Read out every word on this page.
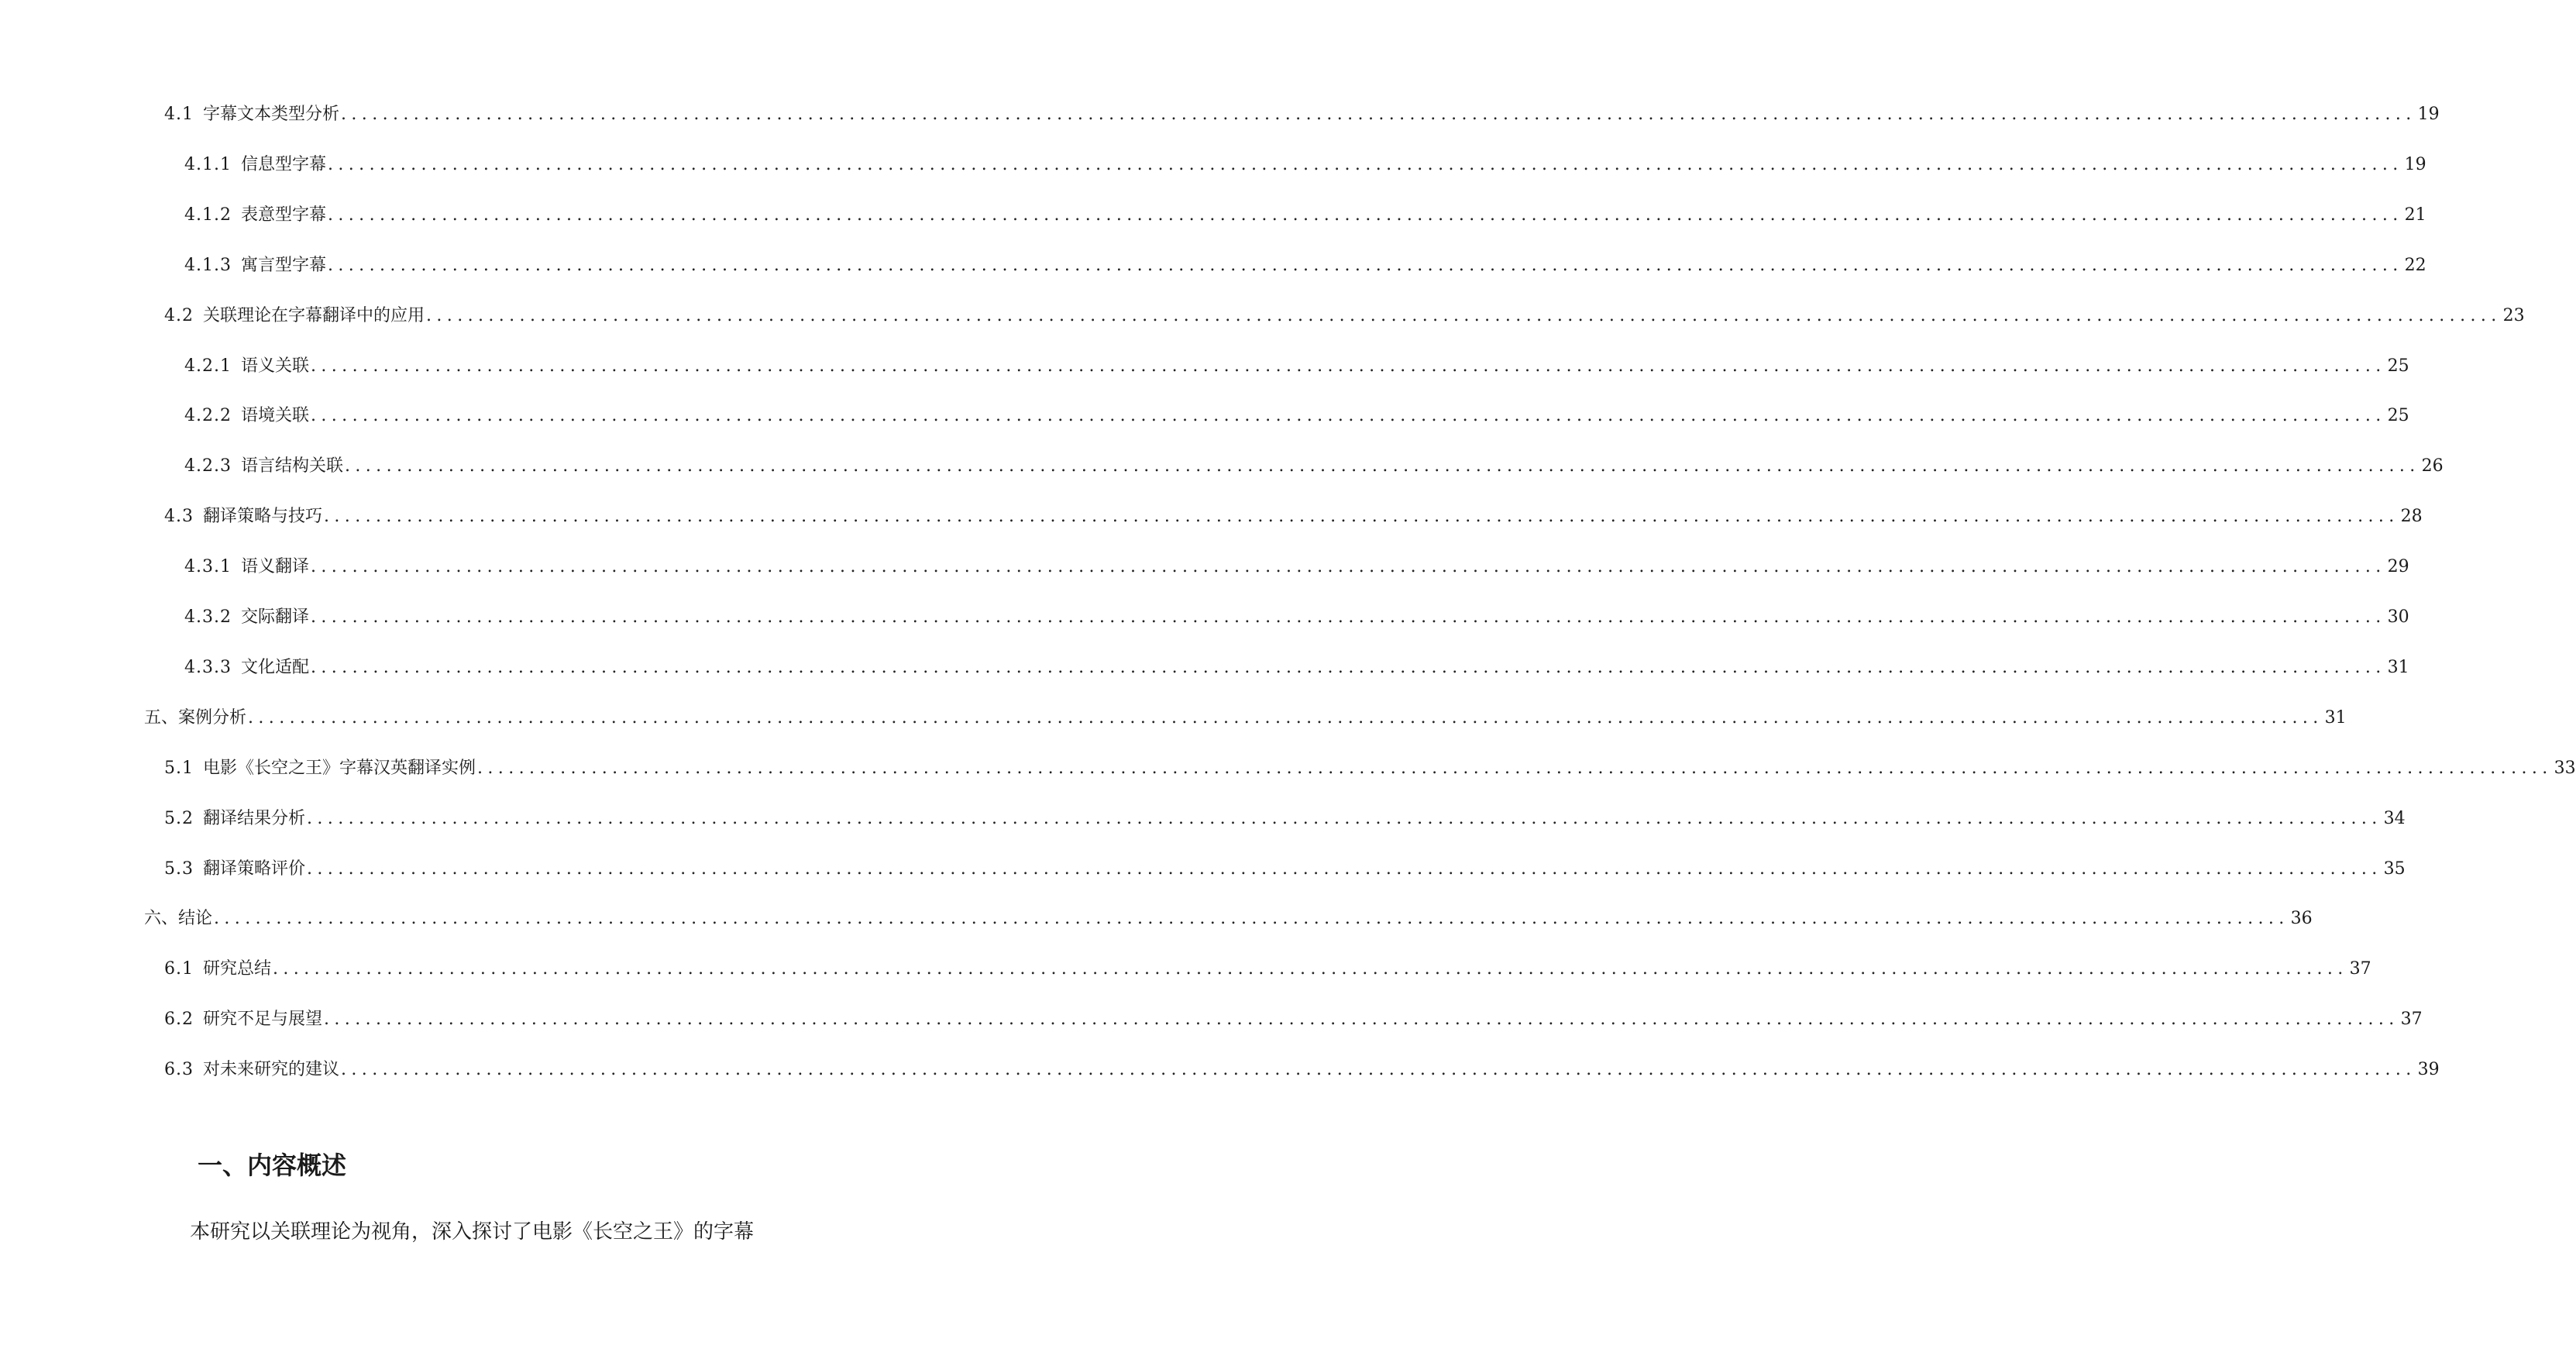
4.1 字幕文本类型分析 ........................................................................................................................................................................................................ 19
4.1.1 信息型字幕 ........................................................................................................................................................................................................ 19
4.1.2 表意型字幕 ........................................................................................................................................................................................................ 21
4.1.3 寓言型字幕 ........................................................................................................................................................................................................ 22
4.2 关联理论在字幕翻译中的应用 ........................................................................................................................................................................................................ 23
4.2.1 语义关联 ........................................................................................................................................................................................................ 25
4.2.2 语境关联 ........................................................................................................................................................................................................ 25
4.2.3 语言结构关联 ........................................................................................................................................................................................................ 26
4.3 翻译策略与技巧 ........................................................................................................................................................................................................ 28
4.3.1 语义翻译 ........................................................................................................................................................................................................ 29
4.3.2 交际翻译 ........................................................................................................................................................................................................ 30
4.3.3 文化适配 ........................................................................................................................................................................................................ 31
五、案例分析 ........................................................................................................................................................................................................ 31
5.1 电影《长空之王》字幕汉英翻译实例 ........................................................................................................................................................................................................ 33
5.2 翻译结果分析 ........................................................................................................................................................................................................ 34
5.3 翻译策略评价 ........................................................................................................................................................................................................ 35
六、结论 ........................................................................................................................................................................................................ 36
6.1 研究总结 ........................................................................................................................................................................................................ 37
6.2 研究不足与展望 ........................................................................................................................................................................................................ 37
6.3 对未来研究的建议 ........................................................................................................................................................................................................ 39
一、内容概述

本研究以关联理论为视角，深入探讨了电影《长空之王》的字幕
